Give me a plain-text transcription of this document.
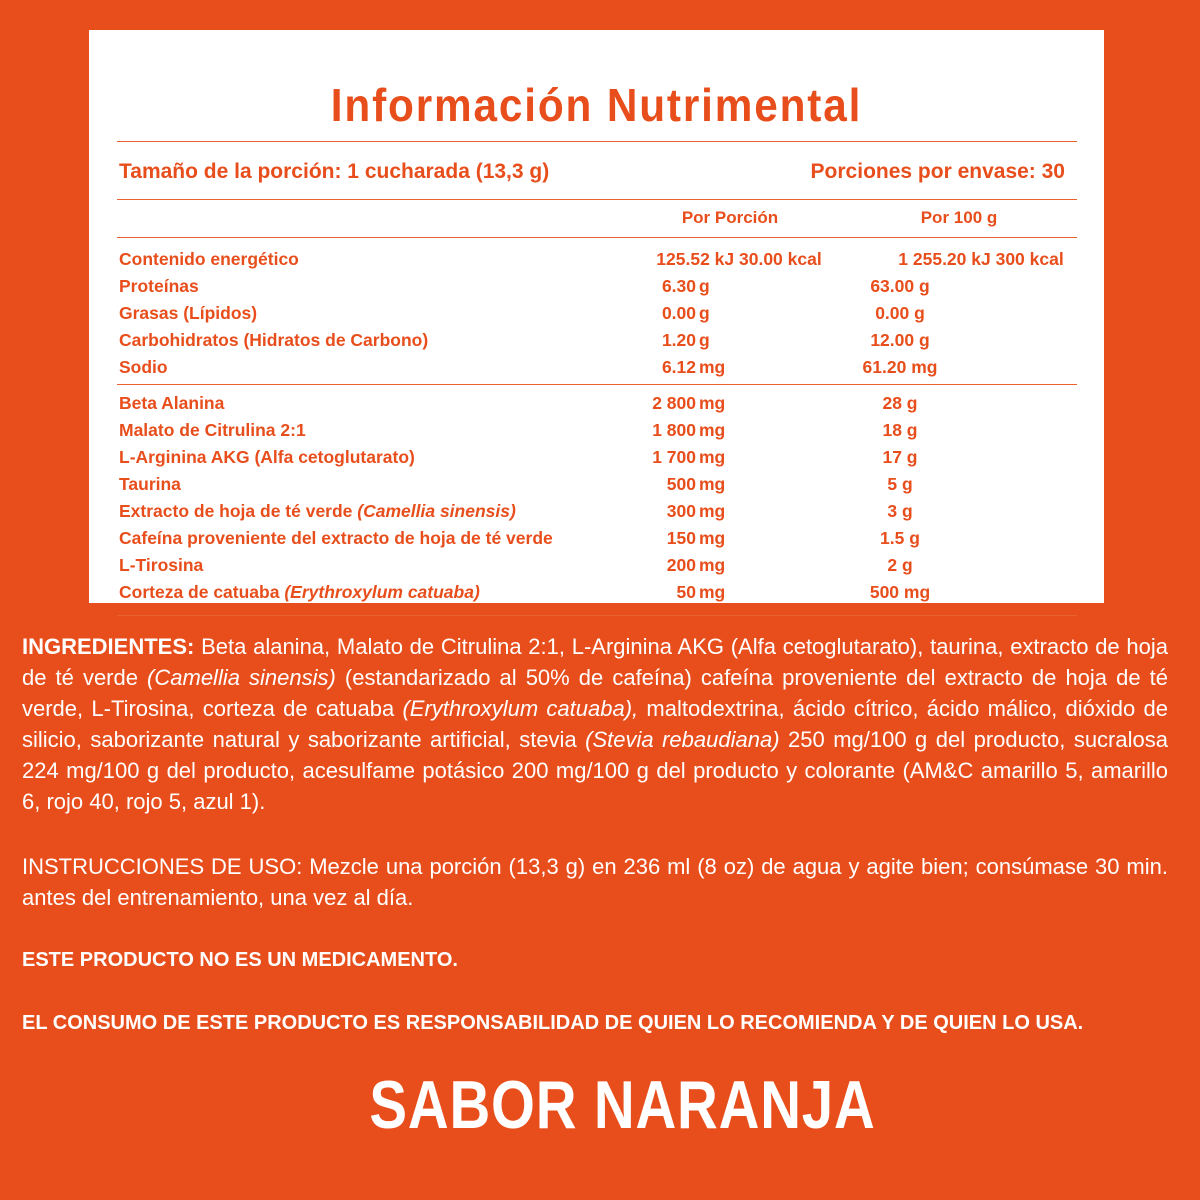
Información Nutrimental
Tamaño de la porción: 1 cucharada (13,3 g)	Porciones por envase: 30
Por Porción	Por 100 g
Contenido energético	125.52 kJ 30.00 kcal	1 255.20 kJ 300 kcal
Proteínas	6.30 g	63.00 g
Grasas (Lípidos)	0.00 g	0.00 g
Carbohidratos (Hidratos de Carbono)	1.20 g	12.00 g
Sodio	6.12 mg	61.20 mg
Beta Alanina	2 800 mg	28 g
Malato de Citrulina 2:1	1 800 mg	18 g
L-Arginina AKG (Alfa cetoglutarato)	1 700 mg	17 g
Taurina	500 mg	5 g
Extracto de hoja de té verde (Camellia sinensis)	300 mg	3 g
Cafeína proveniente del extracto de hoja de té verde	150 mg	1.5 g
L-Tirosina	200 mg	2 g
Corteza de catuaba (Erythroxylum catuaba)	50 mg	500 mg
INGREDIENTES: Beta alanina, Malato de Citrulina 2:1, L-Arginina AKG (Alfa cetoglutarato), taurina, extracto de hoja de té verde (Camellia sinensis) (estandarizado al 50% de cafeína) cafeína proveniente del extracto de hoja de té verde, L-Tirosina, corteza de catuaba (Erythroxylum catuaba), maltodextrina, ácido cítrico, ácido málico, dióxido de silicio, saborizante natural y saborizante artificial, stevia (Stevia rebaudiana) 250 mg/100 g del producto, sucralosa 224 mg/100 g del producto, acesulfame potásico 200 mg/100 g del producto y colorante (AM&C amarillo 5, amarillo 6, rojo 40, rojo 5, azul 1).
INSTRUCCIONES DE USO: Mezcle una porción (13,3 g) en 236 ml (8 oz) de agua y agite bien; consúmase 30 min. antes del entrenamiento, una vez al día.
ESTE PRODUCTO NO ES UN MEDICAMENTO.
EL CONSUMO DE ESTE PRODUCTO ES RESPONSABILIDAD DE QUIEN LO RECOMIENDA Y DE QUIEN LO USA.
SABOR NARANJA
